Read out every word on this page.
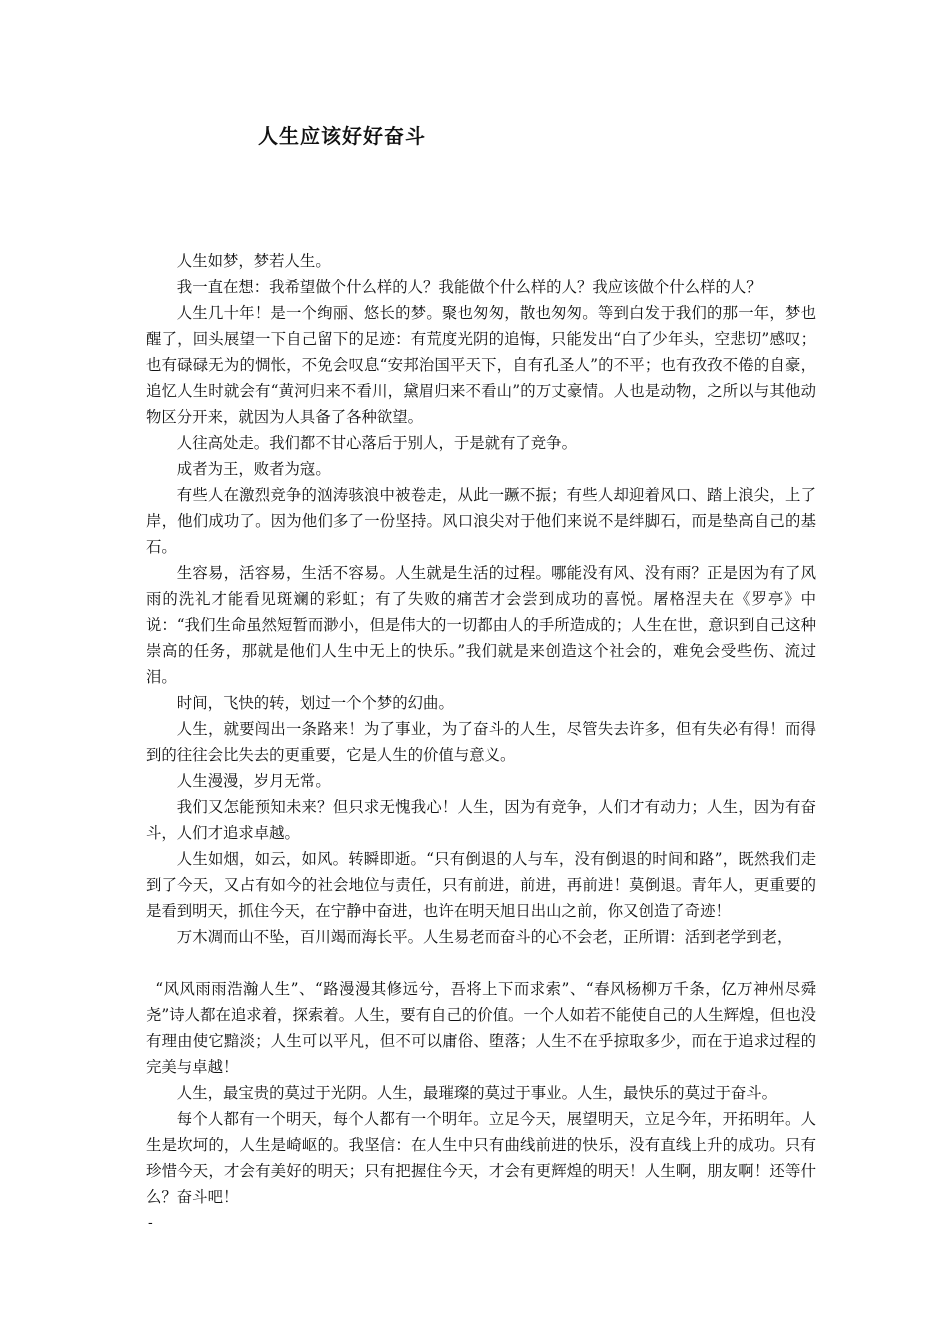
人生应该好好奋斗

人生如梦，梦若人生。

我一直在想：我希望做个什么样的人？我能做个什么样的人？我应该做个什么样的人？

人生几十年！是一个绚丽、悠长的梦。聚也匆匆，散也匆匆。等到白发于我们的那一年，梦也醒了，回头展望一下自己留下的足迹：有荒度光阴的追悔，只能发出“白了少年头，空悲切”感叹；也有碌碌无为的惆怅，不免会叹息“安邦治国平天下，自有孔圣人”的不平；也有孜孜不倦的自豪，追忆人生时就会有“黄河归来不看川，黛眉归来不看山”的万丈豪情。人也是动物，之所以与其他动物区分开来，就因为人具备了各种欲望。

人往高处走。我们都不甘心落后于别人，于是就有了竞争。

成者为王，败者为寇。

有些人在激烈竞争的汹涛骇浪中被卷走，从此一蹶不振；有些人却迎着风口、踏上浪尖，上了岸，他们成功了。因为他们多了一份坚持。风口浪尖对于他们来说不是绊脚石，而是垫高自己的基石。

生容易，活容易，生活不容易。人生就是生活的过程。哪能没有风、没有雨？正是因为有了风雨的洗礼才能看见斑斓的彩虹；有了失败的痛苦才会尝到成功的喜悦。屠格涅夫在《罗亭》中说：“我们生命虽然短暂而渺小，但是伟大的一切都由人的手所造成的；人生在世，意识到自己这种崇高的任务，那就是他们人生中无上的快乐。”我们就是来创造这个社会的，难免会受些伤、流过泪。

时间，飞快的转，划过一个个梦的幻曲。

人生，就要闯出一条路来！为了事业，为了奋斗的人生，尽管失去许多，但有失必有得！而得到的往往会比失去的更重要，它是人生的价值与意义。

人生漫漫，岁月无常。

我们又怎能预知未来？但只求无愧我心！人生，因为有竞争，人们才有动力；人生，因为有奋斗，人们才追求卓越。

人生如烟，如云，如风。转瞬即逝。“只有倒退的人与车，没有倒退的时间和路”，既然我们走到了今天，又占有如今的社会地位与责任，只有前进，前进，再前进！莫倒退。青年人，更重要的是看到明天，抓住今天，在宁静中奋进，也许在明天旭日出山之前，你又创造了奇迹！

万木凋而山不坠，百川竭而海长平。人生易老而奋斗的心不会老，正所谓：活到老学到老，

“风风雨雨浩瀚人生”、“路漫漫其修远兮，吾将上下而求索”、“春风杨柳万千条，亿万神州尽舜尧”诗人都在追求着，探索着。人生，要有自己的价值。一个人如若不能使自己的人生辉煌，但也没有理由使它黯淡；人生可以平凡，但不可以庸俗、堕落；人生不在乎掠取多少，而在于追求过程的完美与卓越！

人生，最宝贵的莫过于光阴。人生，最璀璨的莫过于事业。人生，最快乐的莫过于奋斗。

每个人都有一个明天，每个人都有一个明年。立足今天，展望明天，立足今年，开拓明年。人生是坎坷的，人生是崎岖的。我坚信：在人生中只有曲线前进的快乐，没有直线上升的成功。只有珍惜今天，才会有美好的明天；只有把握住今天，才会有更辉煌的明天！人生啊，朋友啊！还等什么？奋斗吧！

-
